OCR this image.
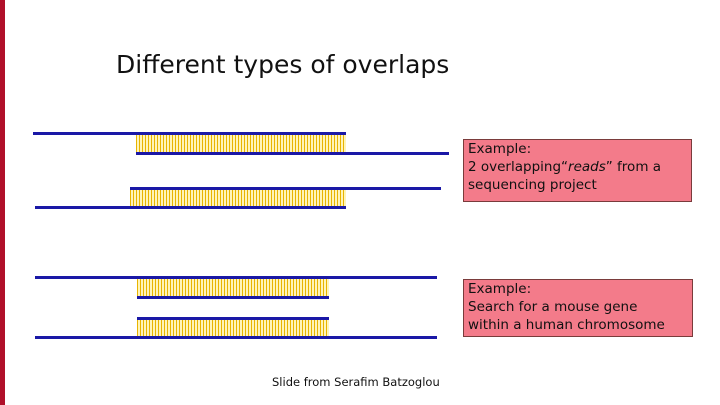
Different types of overlaps
Example:
2 overlapping“reads” from a
sequencing project
Example:
Search for a mouse gene
within a human chromosome
Slide from Serafim Batzoglou
